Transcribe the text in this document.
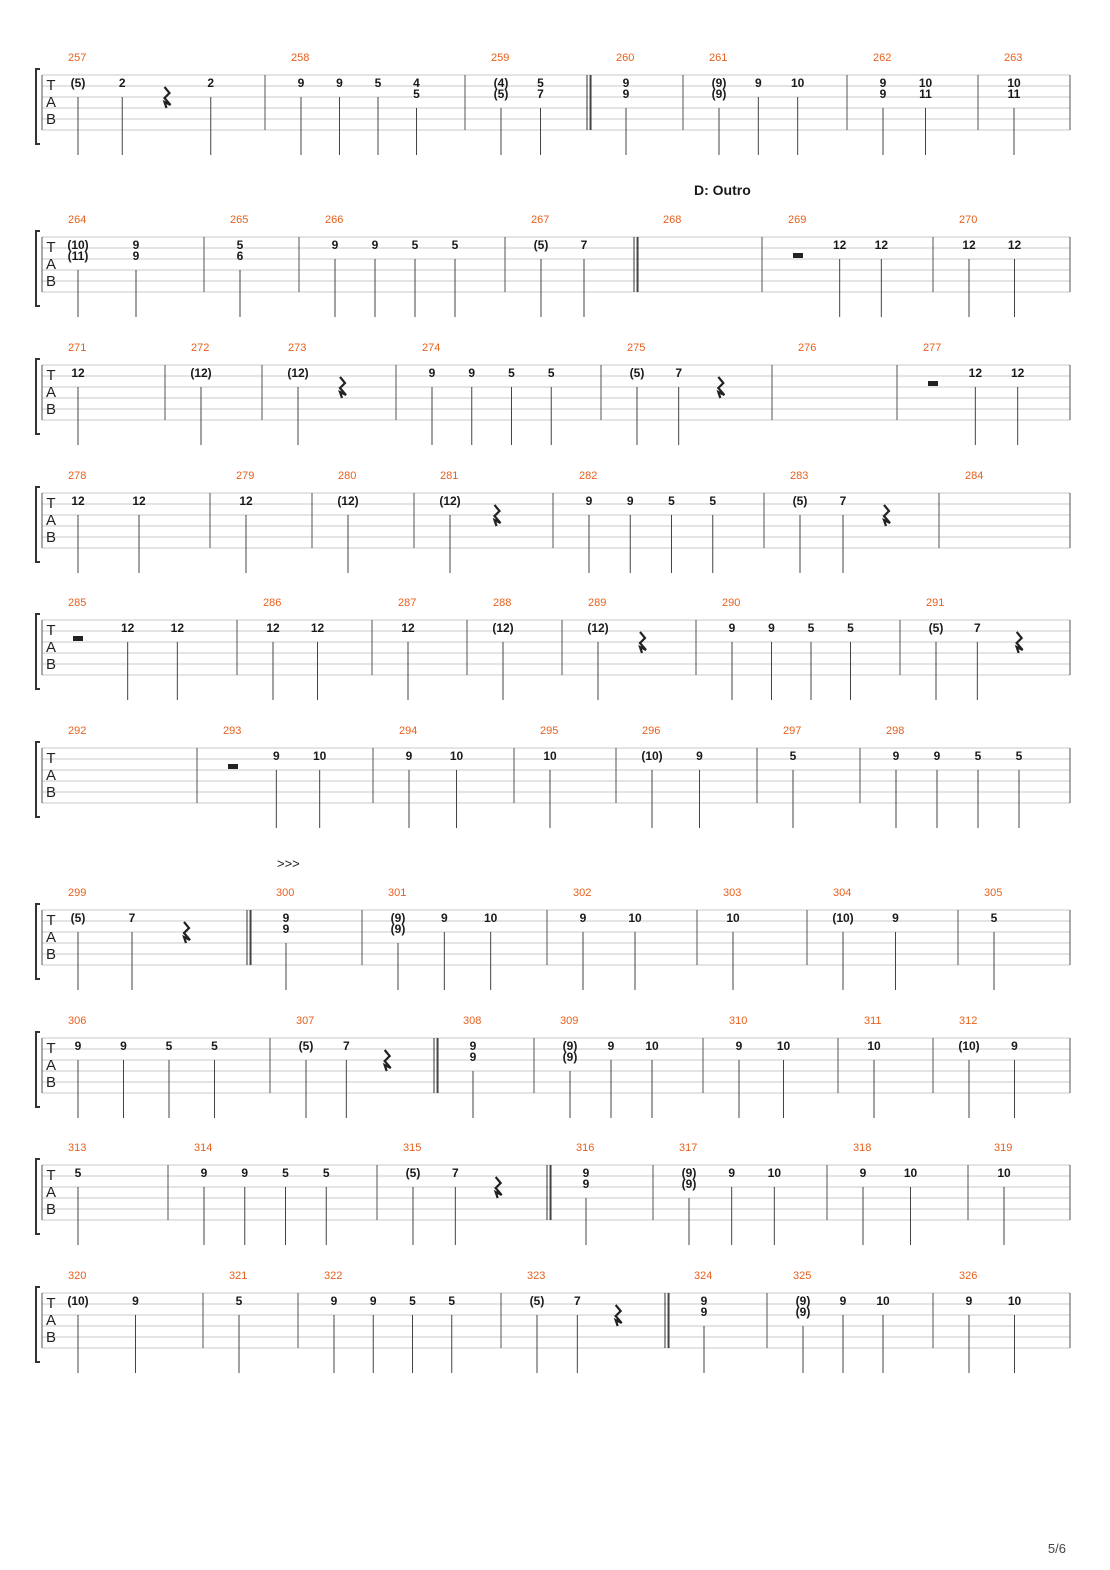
T
A
B
257
(5)	2	2
258
9	9	5
5
4
259
(5)
(4)
7
5
260
9
9
261
(9)
(9) 9 10
262
9
9
11
10
263
11
10
T
A
B
D: Outro
264
(11)
(10)
9
9
265
6
5
266
9	9	5	5
267
(5)	7
268	269
12 12
270
12	12
T
A
B
271
12
272
(12)
273
(12)
274
9	9	5	5
275
(5)	7
276	277
12 12
T
A
B
278
12	12
279
12
280
(12)
281
(12)
282
9	9	5	5
283
(5)	7
284
T
A
B
285
12	12
286
12	12
287
12
288
(12)
289
(12)
290
9	9	5	5
291
(5)	7
T
A
B
292	293
9	10
294
9	10
295
10
296
(10)	9
297
5
298
9	9	5	5
T
A
B
>>>
299
(5)	7
300
9
9
301
(9)
(9)	9	10
302
9	10
303
10
304
(10)	9
305
5
T
A
B
306
9	9	5	5
307
(5) 7
308
9
9
309
(9)
(9)	9	10
310
9	10
311
10
312
(10)	9
T
A
B
313
5
314
9	9	5	5
315
(5)	7
316
9
9
317
(9)
(9)	9	10
318
9	10
319
10
T
A
B
320
(10)	9
321
5
322
9	9	5	5
323
(5) 7
324
9
9
325
(9)
(9) 9 10
326
9	10
5/6
